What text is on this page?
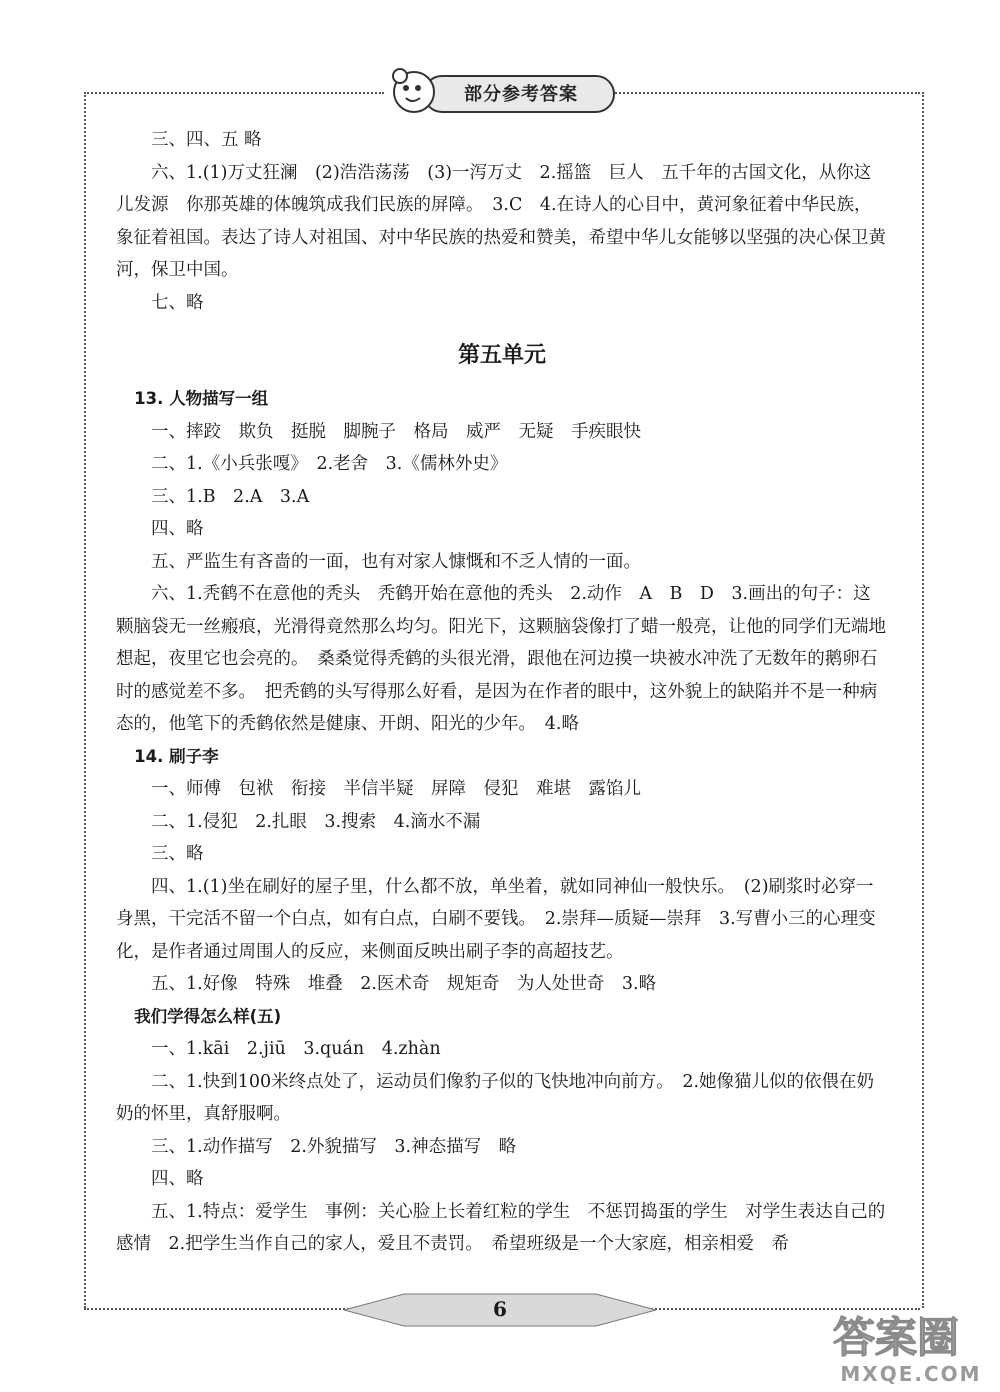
部分参考答案

三、四、五 略

六、1.(1)万丈狂澜　(2)浩浩荡荡　(3)一泻万丈　2.摇篮　巨人　五千年的古国文化，从你这儿发源　你那英雄的体魄筑成我们民族的屏障。　3.C　4.在诗人的心目中，黄河象征着中华民族，象征着祖国。表达了诗人对祖国、对中华民族的热爱和赞美，希望中华儿女能够以坚强的决心保卫黄河，保卫中国。

七、略

第五单元

13. 人物描写一组

一、摔跤　欺负　挺脱　脚腕子　格局　威严　无疑　手疾眼快

二、1.《小兵张嘎》　2.老舍　3.《儒林外史》

三、1.B　2.A　3.A

四、略

五、严监生有吝啬的一面，也有对家人慷慨和不乏人情的一面。

六、1.秃鹤不在意他的秃头　秃鹤开始在意他的秃头　2.动作　A　B　D　3.画出的句子：这颗脑袋无一丝瘢痕，光滑得竟然那么均匀。阳光下，这颗脑袋像打了蜡一般亮，让他的同学们无端地想起，夜里它也会亮的。　桑桑觉得秃鹤的头很光滑，跟他在河边摸一块被水冲洗了无数年的鹅卵石时的感觉差不多。　把秃鹤的头写得那么好看，是因为在作者的眼中，这外貌上的缺陷并不是一种病态的，他笔下的秃鹤依然是健康、开朗、阳光的少年。　4.略

14. 刷子李

一、师傅　包袱　衔接　半信半疑　屏障　侵犯　难堪　露馅儿

二、1.侵犯　2.扎眼　3.搜索　4.滴水不漏

三、略

四、1.(1)坐在刷好的屋子里，什么都不放，单坐着，就如同神仙一般快乐。　(2)刷浆时必穿一身黑，干完活不留一个白点，如有白点，白刷不要钱。　2.崇拜—质疑—崇拜　3.写曹小三的心理变化，是作者通过周围人的反应，来侧面反映出刷子李的高超技艺。

五、1.好像　特殊　堆叠　2.医术奇　规矩奇　为人处世奇　3.略

我们学得怎么样(五)

一、1.kāi　2.jiū　3.quán　4.zhàn

二、1.快到100米终点处了，运动员们像豹子似的飞快地冲向前方。　2.她像猫儿似的依偎在奶奶的怀里，真舒服啊。

三、1.动作描写　2.外貌描写　3.神态描写　略

四、略

五、1.特点：爱学生　事例：关心脸上长着红粒的学生　不惩罚捣蛋的学生　对学生表达自己的感情　2.把学生当作自己的家人，爱且不责罚。　希望班级是一个大家庭，相亲相爱　希

6
答案圈
MXQE.COM
